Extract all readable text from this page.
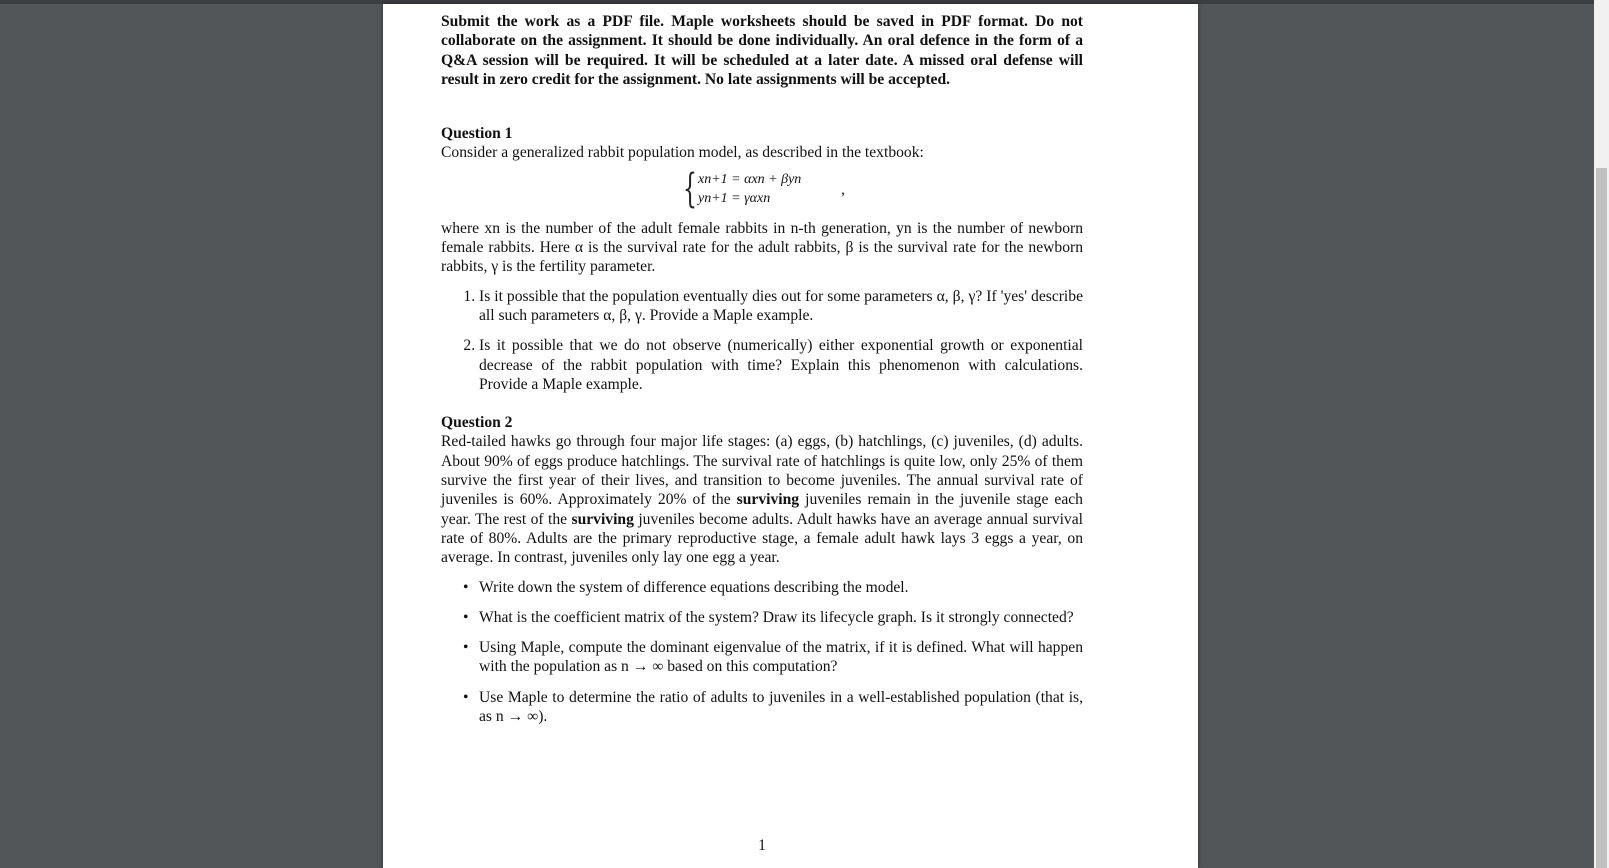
Submit the work as a PDF file. Maple worksheets should be saved in PDF format. Do not collaborate on the assignment. It should be done individually. An oral defence in the form of a Q&A session will be required. It will be scheduled at a later date. A missed oral defense will result in zero credit for the assignment. No late assignments will be accepted.

Question 1

Consider a generalized rabbit population model, as described in the textbook:

{ xn+1 = αxn + βyn
yn+1 = γαxn
,

where xn is the number of the adult female rabbits in n-th generation, yn is the number of newborn female rabbits. Here α is the survival rate for the adult rabbits, β is the survival rate for the newborn rabbits, γ is the fertility parameter.

1. Is it possible that the population eventually dies out for some parameters α, β, γ? If 'yes' describe all such parameters α, β, γ. Provide a Maple example.
2. Is it possible that we do not observe (numerically) either exponential growth or exponential decrease of the rabbit population with time? Explain this phenomenon with calculations. Provide a Maple example.

Question 2

Red-tailed hawks go through four major life stages: (a) eggs, (b) hatchlings, (c) juveniles, (d) adults. About 90% of eggs produce hatchlings. The survival rate of hatchlings is quite low, only 25% of them survive the first year of their lives, and transition to become juveniles. The annual survival rate of juveniles is 60%. Approximately 20% of the surviving juveniles remain in the juvenile stage each year. The rest of the surviving juveniles become adults. Adult hawks have an average annual survival rate of 80%. Adults are the primary reproductive stage, a female adult hawk lays 3 eggs a year, on average. In contrast, juveniles only lay one egg a year.

• Write down the system of difference equations describing the model.
• What is the coefficient matrix of the system? Draw its lifecycle graph. Is it strongly connected?
• Using Maple, compute the dominant eigenvalue of the matrix, if it is defined. What will happen with the population as n → ∞ based on this computation?
• Use Maple to determine the ratio of adults to juveniles in a well-established population (that is, as n → ∞).
1
